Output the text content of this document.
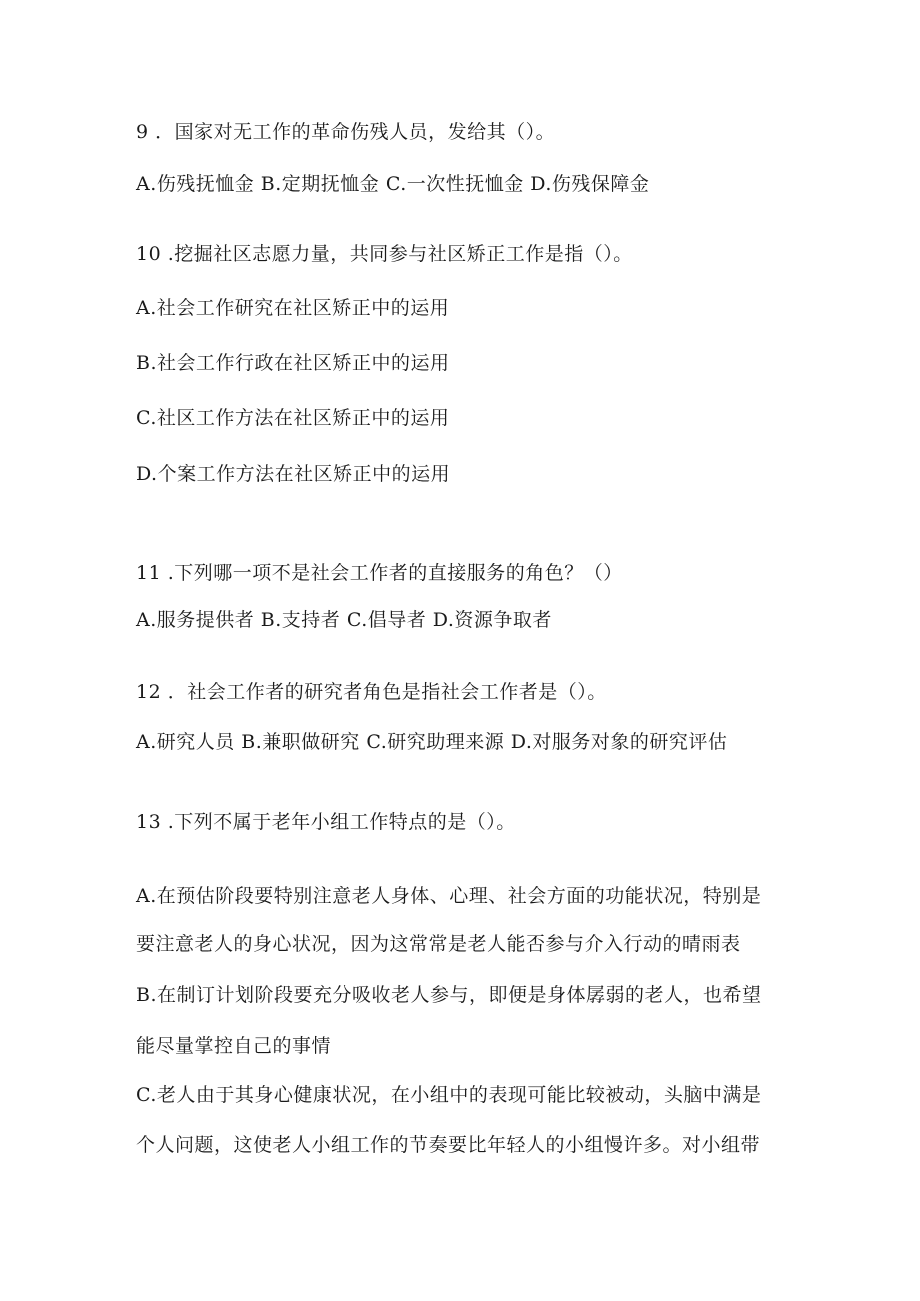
9 ．国家对无工作的革命伤残人员，发给其（）。
A.伤残抚恤金 B.定期抚恤金 C.一次性抚恤金 D.伤残保障金
10 .挖掘社区志愿力量，共同参与社区矫正工作是指（）。
A.社会工作研究在社区矫正中的运用
B.社会工作行政在社区矫正中的运用
C.社区工作方法在社区矫正中的运用
D.个案工作方法在社区矫正中的运用
11 .下列哪一项不是社会工作者的直接服务的角色？（）
A.服务提供者 B.支持者 C.倡导者 D.资源争取者
12 ．社会工作者的研究者角色是指社会工作者是（）。
A.研究人员 B.兼职做研究 C.研究助理来源 D.对服务对象的研究评估
13 .下列不属于老年小组工作特点的是（）。
A.在预估阶段要特别注意老人身体、心理、社会方面的功能状况，特别是
要注意老人的身心状况，因为这常常是老人能否参与介入行动的晴雨表
B.在制订计划阶段要充分吸收老人参与，即便是身体孱弱的老人，也希望
能尽量掌控自己的事情
C.老人由于其身心健康状况，在小组中的表现可能比较被动，头脑中满是
个人问题，这使老人小组工作的节奏要比年轻人的小组慢许多。对小组带
